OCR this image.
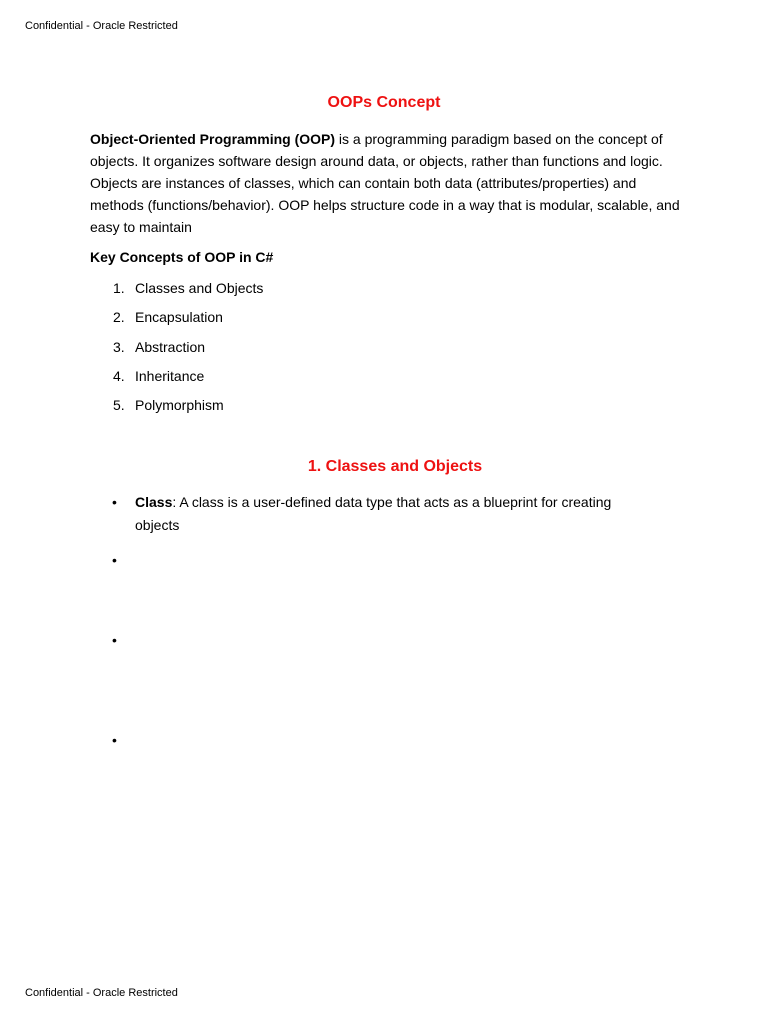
Confidential - Oracle Restricted
OOPs Concept

Object-Oriented Programming (OOP) is a programming paradigm based on the concept of objects. It organizes software design around data, or objects, rather than functions and logic. Objects are instances of classes, which can contain both data (attributes/properties) and methods (functions/behavior). OOP helps structure code in a way that is modular, scalable, and easy to maintain

Key Concepts of OOP in C#

1. Classes and Objects
2. Encapsulation
3. Abstraction
4. Inheritance
5. Polymorphism
1. Classes and Objects
• Class: A class is a user-defined data type that acts as a blueprint for creating objects
•
•
•
Confidential - Oracle Restricted
